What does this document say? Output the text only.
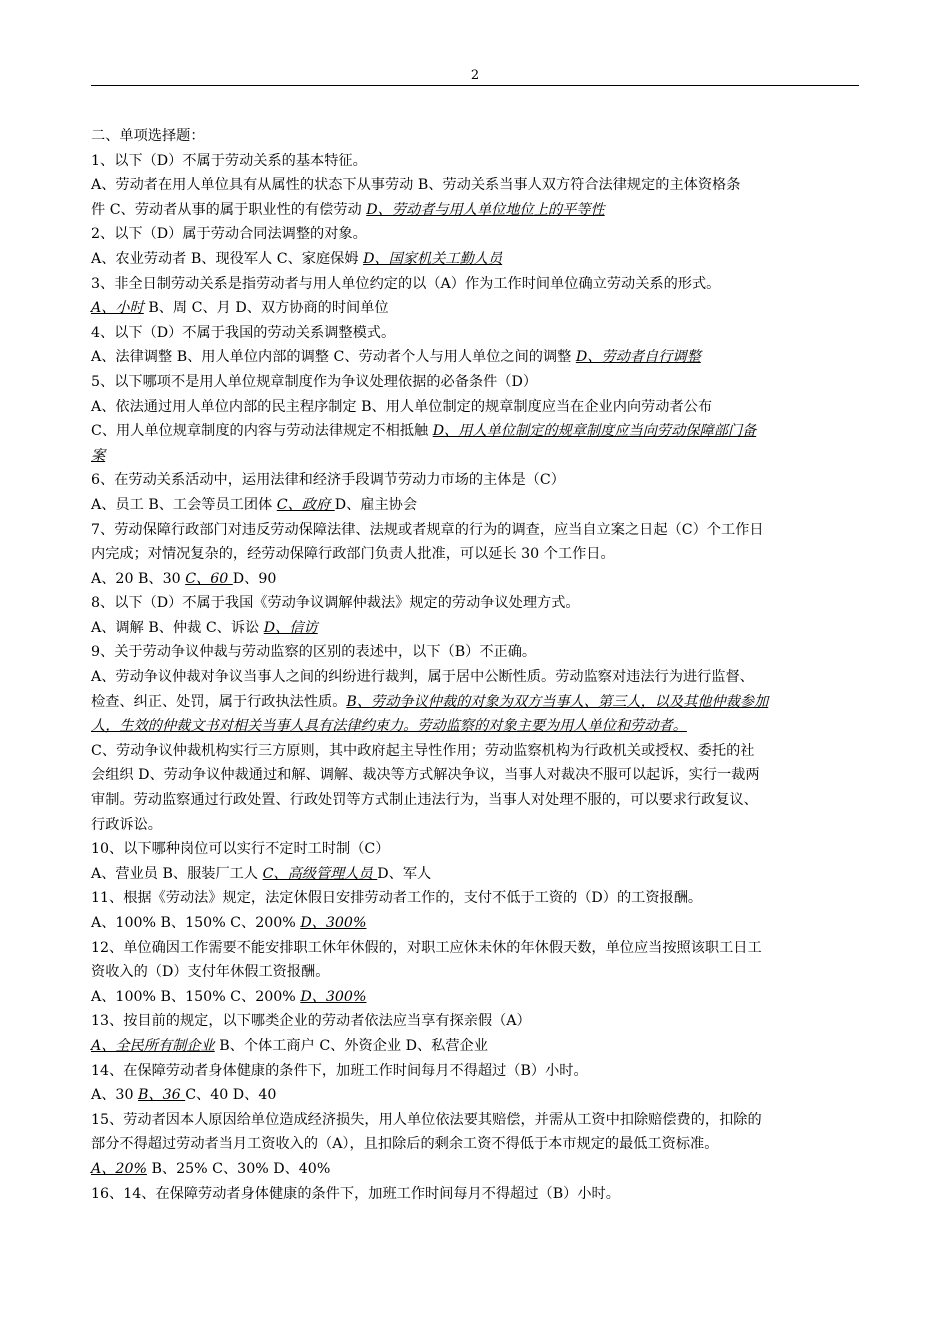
2
二、单项选择题：
1、以下（D）不属于劳动关系的基本特征。
A、劳动者在用人单位具有从属性的状态下从事劳动 B、劳动关系当事人双方符合法律规定的主体资格条
件 C、劳动者从事的属于职业性的有偿劳动 D、劳动者与用人单位地位上的平等性
2、以下（D）属于劳动合同法调整的对象。
A、农业劳动者 B、现役军人 C、家庭保姆 D、国家机关工勤人员
3、非全日制劳动关系是指劳动者与用人单位约定的以（A）作为工作时间单位确立劳动关系的形式。
A、小时 B、周 C、月 D、双方协商的时间单位
4、以下（D）不属于我国的劳动关系调整模式。
A、法律调整 B、用人单位内部的调整 C、劳动者个人与用人单位之间的调整 D、劳动者自行调整
5、以下哪项不是用人单位规章制度作为争议处理依据的必备条件（D）
A、依法通过用人单位内部的民主程序制定 B、用人单位制定的规章制度应当在企业内向劳动者公布
C、用人单位规章制度的内容与劳动法律规定不相抵触 D、用人单位制定的规章制度应当向劳动保障部门备
案
6、在劳动关系活动中，运用法律和经济手段调节劳动力市场的主体是（C）
A、员工 B、工会等员工团体 C、政府 D、雇主协会
7、劳动保障行政部门对违反劳动保障法律、法规或者规章的行为的调查，应当自立案之日起（C）个工作日
内完成；对情况复杂的，经劳动保障行政部门负责人批准，可以延长 30 个工作日。
A、20 B、30 C、60 D、90
8、以下（D）不属于我国《劳动争议调解仲裁法》规定的劳动争议处理方式。
A、调解 B、仲裁 C、诉讼 D、信访
9、关于劳动争议仲裁与劳动监察的区别的表述中，以下（B）不正确。
A、劳动争议仲裁对争议当事人之间的纠纷进行裁判，属于居中公断性质。劳动监察对违法行为进行监督、
检查、纠正、处罚，属于行政执法性质。B、劳动争议仲裁的对象为双方当事人、第三人，以及其他仲裁参加
人，生效的仲裁文书对相关当事人具有法律约束力。劳动监察的对象主要为用人单位和劳动者。
C、劳动争议仲裁机构实行三方原则，其中政府起主导性作用；劳动监察机构为行政机关或授权、委托的社
会组织 D、劳动争议仲裁通过和解、调解、裁决等方式解决争议，当事人对裁决不服可以起诉，实行一裁两
审制。劳动监察通过行政处置、行政处罚等方式制止违法行为，当事人对处理不服的，可以要求行政复议、
行政诉讼。
10、以下哪种岗位可以实行不定时工时制（C）
A、营业员 B、服装厂工人 C、高级管理人员 D、军人
11、根据《劳动法》规定，法定休假日安排劳动者工作的，支付不低于工资的（D）的工资报酬。
A、100% B、150% C、200% D、300%
12、单位确因工作需要不能安排职工休年休假的，对职工应休未休的年休假天数，单位应当按照该职工日工
资收入的（D）支付年休假工资报酬。
A、100% B、150% C、200% D、300%
13、按目前的规定，以下哪类企业的劳动者依法应当享有探亲假（A）
A、全民所有制企业 B、个体工商户 C、外资企业 D、私营企业
14、在保障劳动者身体健康的条件下，加班工作时间每月不得超过（B）小时。
A、30 B、36 C、40 D、40
15、劳动者因本人原因给单位造成经济损失，用人单位依法要其赔偿，并需从工资中扣除赔偿费的，扣除的
部分不得超过劳动者当月工资收入的（A），且扣除后的剩余工资不得低于本市规定的最低工资标准。
A、20% B、25% C、30% D、40%
16、14、在保障劳动者身体健康的条件下，加班工作时间每月不得超过（B）小时。
